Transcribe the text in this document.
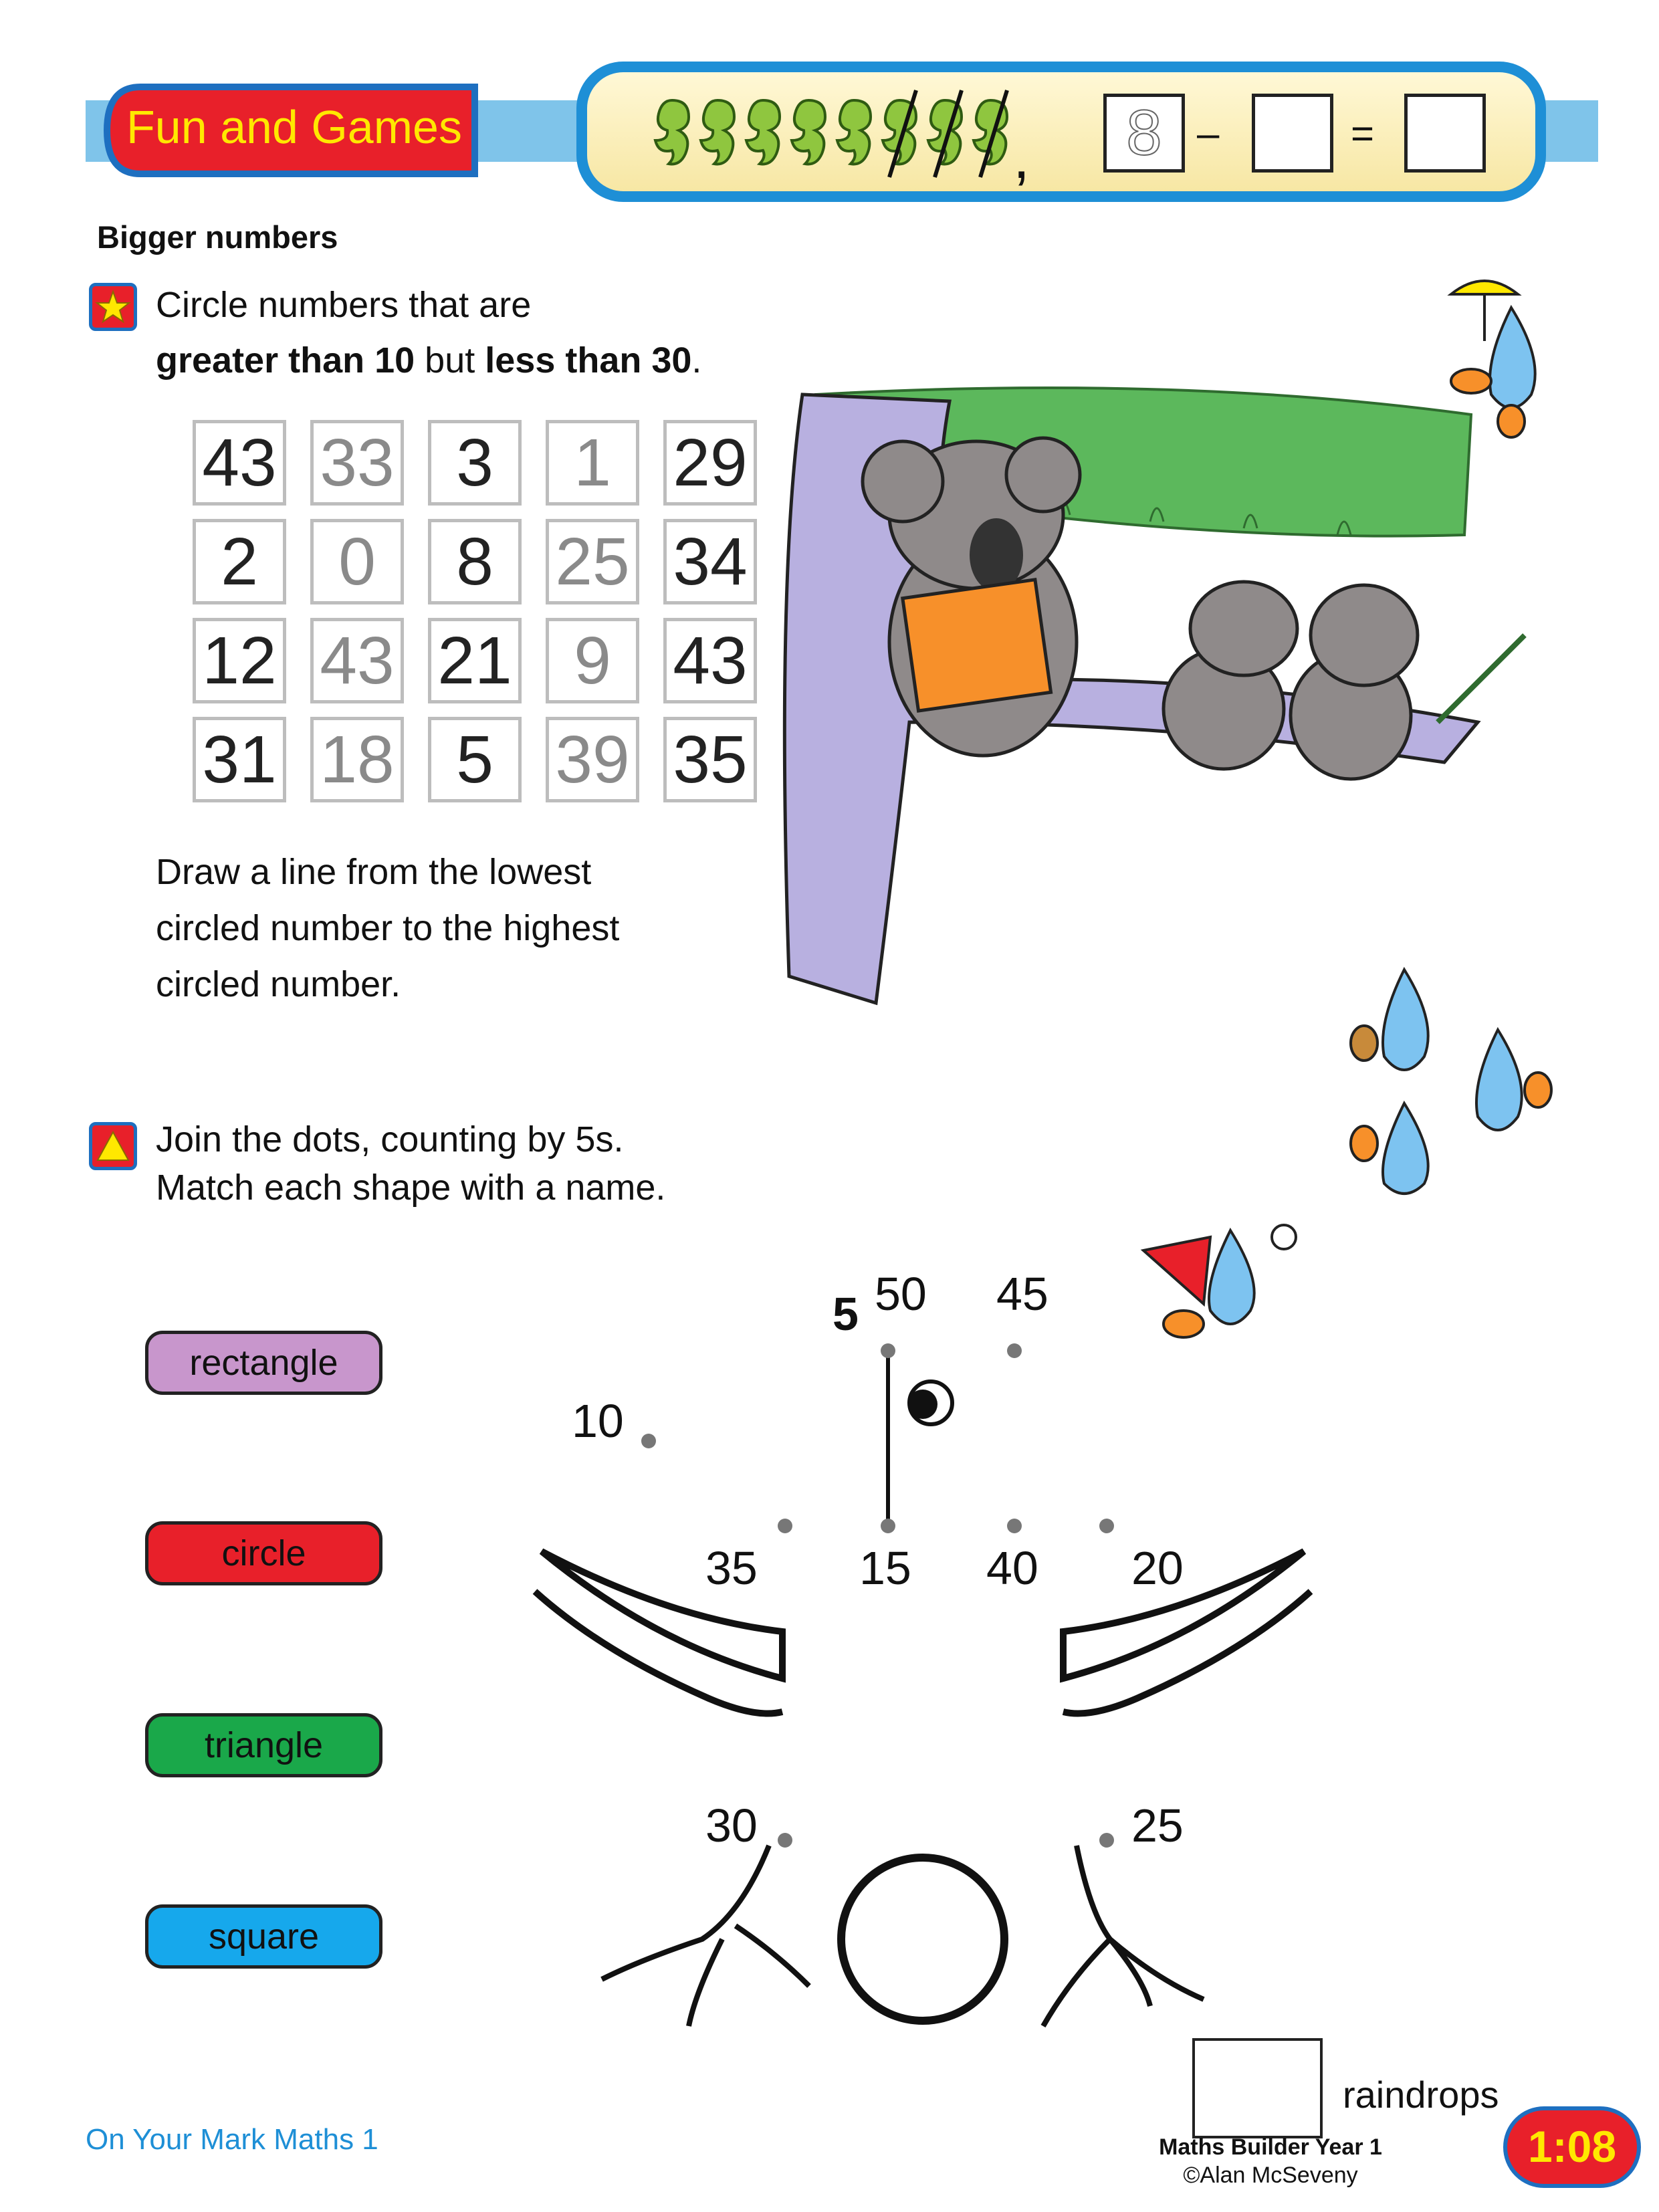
Fun and Games	,	8 –	=
Bigger numbers
Circle numbers that are
greater than 10 but less than 30.
43 33 3	1 29
2	0	8 25 34
12 43 21 9 43
31 18 5 39 35
Draw a line from the lowest
circled number to the highest
circled number.
Join the dots, counting by 5s.
Match each shape with a name.
rectangle
circle
triangle
square
5
10
15	20
25
30
35	40
45
50
raindrops
On Your Mark Maths 1	Maths Builder Year 1
©Alan McSeveny
1:08
